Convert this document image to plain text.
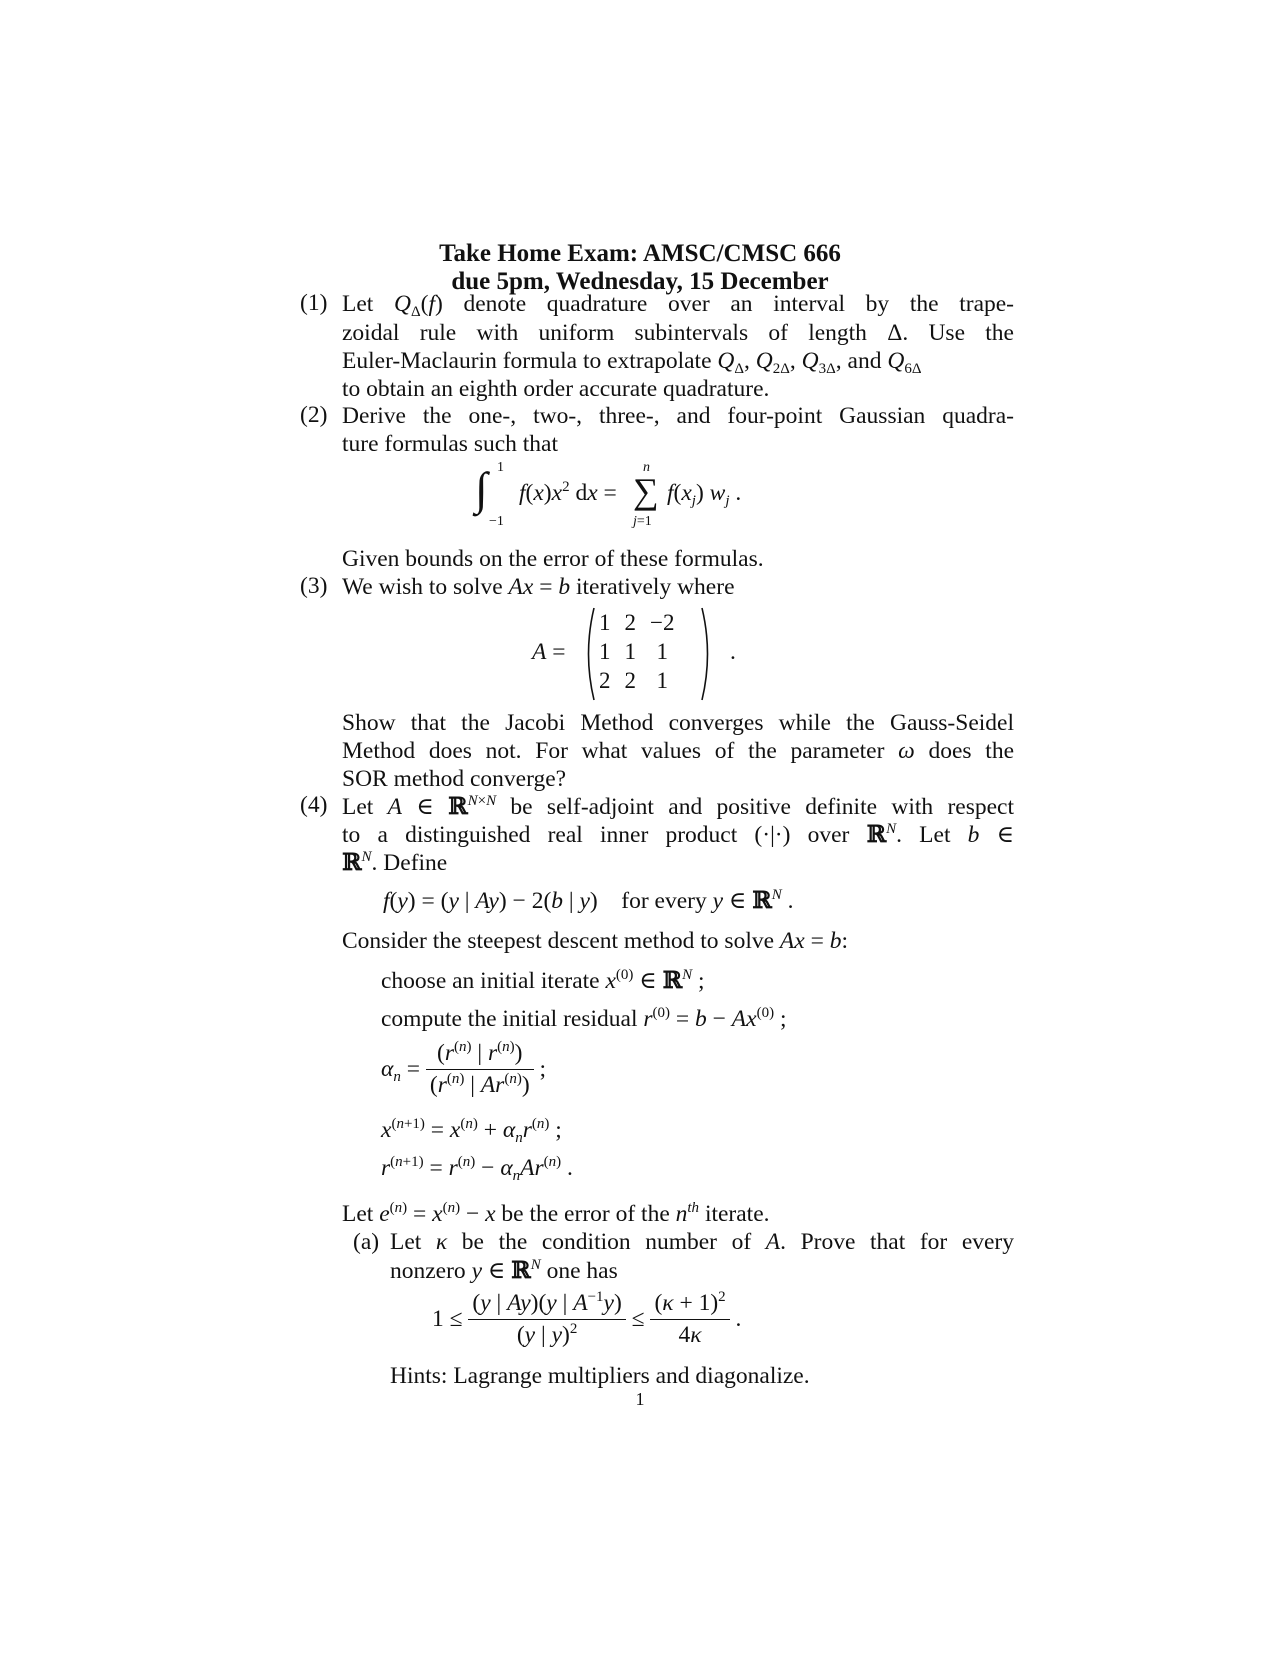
Take Home Exam: AMSC/CMSC 666
due 5pm, Wednesday, 15 December
(1) Let $Q_\Delta(f)$ denote quadrature over an interval by the trape-
zoidal rule with uniform subintervals of length Δ. Use the
Euler-Maclaurin formula to extrapolate $Q_\Delta$, $Q_{2\Delta}$, $Q_{3\Delta}$, and $Q_{6\Delta}$
to obtain an eighth order accurate quadrature.
(2) Derive the one-, two-, three-, and four-point Gaussian quadra-
ture formulas such that
∫ 1
−1
$f(x)x^2$ dx =
n
∑
j=1
$f(x_j)$ $w_j$ .
Given bounds on the error of these formulas.
(3) We wish to solve Ax = b iteratively where
A =
1	2	−2
1	1	1
2	2	1
.
Show that the Jacobi Method converges while the Gauss-Seidel
Method does not. For what values of the parameter ω does the
SOR method converge?
(4) Let A ∈ ℝ$^{N\times N}$ be self-adjoint and positive definite with respect
to a distinguished real inner product (·|·) over ℝ$^N$. Let b ∈
ℝ$^N$. Define
f(y) = (y | Ay) − 2(b | y)    for every y ∈ ℝ$^N$ .
Consider the steepest descent method to solve Ax = b:
choose an initial iterate $x^{(0)}$ ∈ ℝ$^N$ ;
compute the initial residual $r^{(0)} = b - Ax^{(0)}$ ;
$\alpha_n = \frac{(r^{(n)} | r^{(n)})}{(r^{(n)} | Ar^{(n)})}$ ;
$x^{(n+1)} = x^{(n)} + \alpha_nr^{(n)}$ ;
$r^{(n+1)} = r^{(n)} - \alpha_nAr^{(n)}$ .
Let $e^{(n)} = x^{(n)} - x$ be the error of the $n^{th}$ iterate.
(a) Let κ be the condition number of A. Prove that for every
nonzero y ∈ ℝ$^N$ one has
$1 \le \frac{(y | Ay)(y | A^{-1}y)}{(y | y)^2} \le \frac{(\kappa + 1)^2}{4\kappa}$ .
Hints: Lagrange multipliers and diagonalize.
1
